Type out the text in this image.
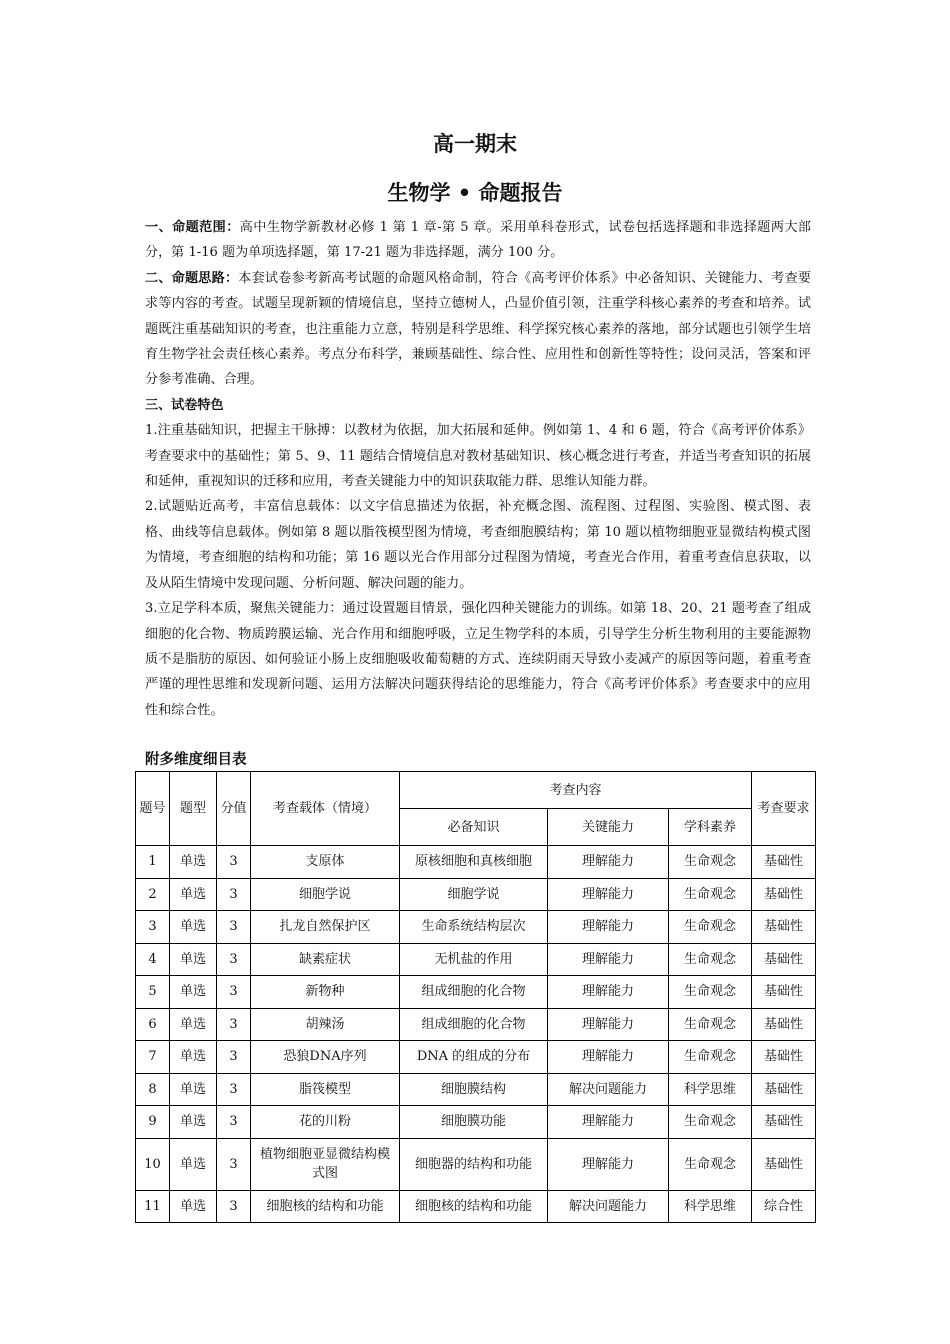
高一期末
生物学 • 命题报告

一、命题范围：高中生物学新教材必修 1 第 1 章-第 5 章。采用单科卷形式，试卷包括选择题和非选择题两大部分，第 1-16 题为单项选择题，第 17-21 题为非选择题，满分 100 分。

二、命题思路：本套试卷参考新高考试题的命题风格命制，符合《高考评价体系》中必备知识、关键能力、考查要求等内容的考查。试题呈现新颖的情境信息，坚持立德树人，凸显价值引领，注重学科核心素养的考查和培养。试题既注重基础知识的考查，也注重能力立意，特别是科学思维、科学探究核心素养的落地，部分试题也引领学生培育生物学社会责任核心素养。考点分布科学，兼顾基础性、综合性、应用性和创新性等特性；设问灵活，答案和评分参考准确、合理。

三、试卷特色

1.注重基础知识，把握主干脉搏：以教材为依据，加大拓展和延伸。例如第 1、4 和 6 题，符合《高考评价体系》考查要求中的基础性；第 5、9、11 题结合情境信息对教材基础知识、核心概念进行考查，并适当考查知识的拓展和延伸，重视知识的迁移和应用，考查关键能力中的知识获取能力群、思维认知能力群。

2.试题贴近高考，丰富信息载体：以文字信息描述为依据，补充概念图、流程图、过程图、实验图、模式图、表格、曲线等信息载体。例如第 8 题以脂筏模型图为情境，考查细胞膜结构；第 10 题以植物细胞亚显微结构模式图为情境，考查细胞的结构和功能；第 16 题以光合作用部分过程图为情境，考查光合作用，着重考查信息获取，以及从陌生情境中发现问题、分析问题、解决问题的能力。

3.立足学科本质，聚焦关键能力：通过设置题目情景，强化四种关键能力的训练。如第 18、20、21 题考查了组成细胞的化合物、物质跨膜运输、光合作用和细胞呼吸，立足生物学科的本质，引导学生分析生物利用的主要能源物质不是脂肪的原因、如何验证小肠上皮细胞吸收葡萄糖的方式、连续阴雨天导致小麦减产的原因等问题，着重考查严谨的理性思维和发现新问题、运用方法解决问题获得结论的思维能力，符合《高考评价体系》考查要求中的应用性和综合性。

附多维度细目表
题号	题型	分值	考查载体（情境）	考查内容			考查要求
				必备知识	关键能力	学科素养	
1	单选	3	支原体	原核细胞和真核细胞	理解能力	生命观念	基础性
2	单选	3	细胞学说	细胞学说	理解能力	生命观念	基础性
3	单选	3	扎龙自然保护区	生命系统结构层次	理解能力	生命观念	基础性
4	单选	3	缺素症状	无机盐的作用	理解能力	生命观念	基础性
5	单选	3	新物种	组成细胞的化合物	理解能力	生命观念	基础性
6	单选	3	胡辣汤	组成细胞的化合物	理解能力	生命观念	基础性
7	单选	3	恐狼DNA序列	DNA 的组成的分布	理解能力	生命观念	基础性
8	单选	3	脂筏模型	细胞膜结构	解决问题能力	科学思维	基础性
9	单选	3	花的川粉	细胞膜功能	理解能力	生命观念	基础性
10	单选	3	植物细胞亚显微结构模式图	细胞器的结构和功能	理解能力	生命观念	基础性
11	单选	3	细胞核的结构和功能	细胞核的结构和功能	解决问题能力	科学思维	综合性
